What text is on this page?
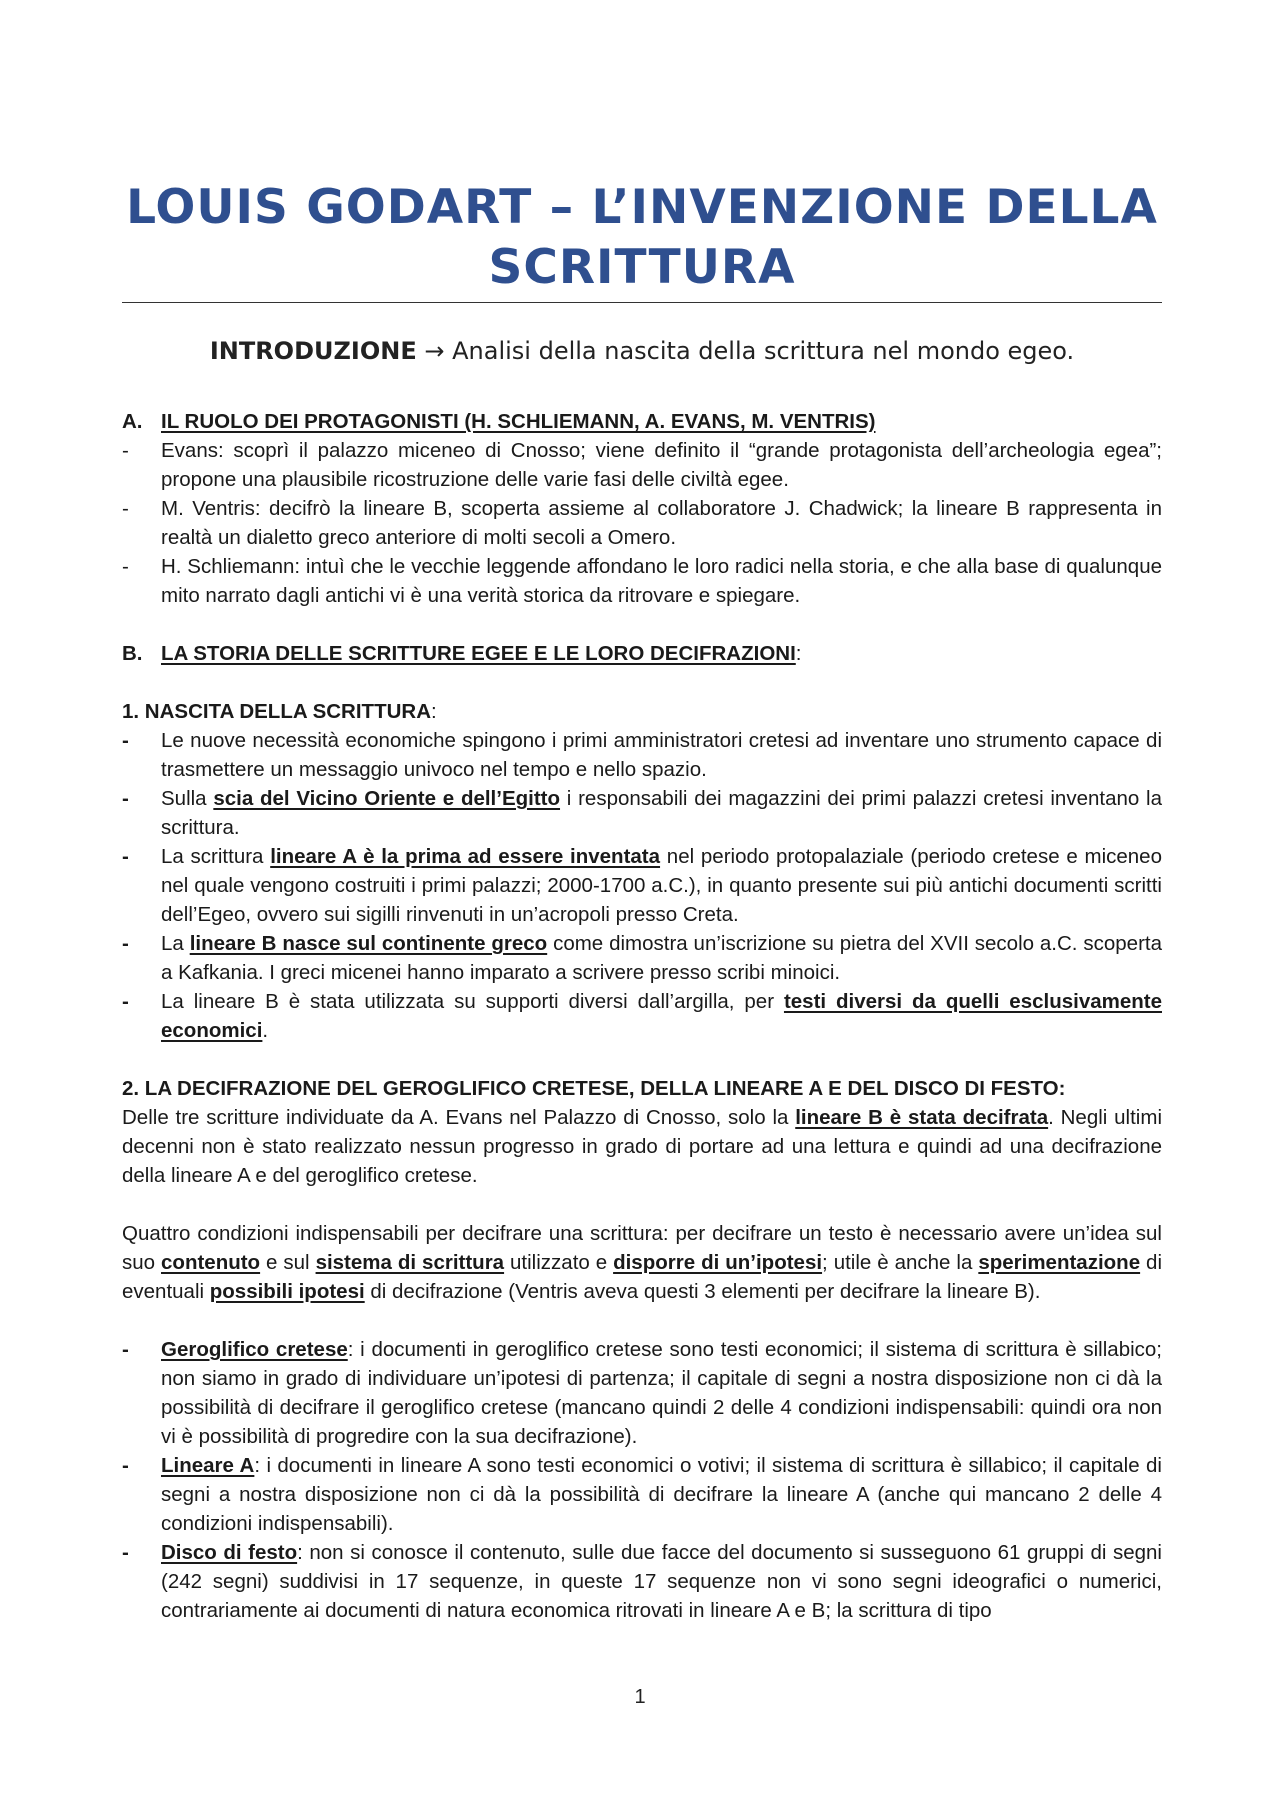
LOUIS GODART – L’INVENZIONE DELLA
SCRITTURA
INTRODUZIONE → Analisi della nascita della scrittura nel mondo egeo.
A. IL RUOLO DEI PROTAGONISTI (H. SCHLIEMANN, A. EVANS, M. VENTRIS)
- Evans: scoprì il palazzo miceneo di Cnosso; viene definito il “grande protagonista dell’archeologia egea”; propone una plausibile ricostruzione delle varie fasi delle civiltà egee.
- M. Ventris: decifrò la lineare B, scoperta assieme al collaboratore J. Chadwick; la lineare B rappresenta in realtà un dialetto greco anteriore di molti secoli a Omero.
- H. Schliemann: intuì che le vecchie leggende affondano le loro radici nella storia, e che alla base di qualunque mito narrato dagli antichi vi è una verità storica da ritrovare e spiegare.
B. LA STORIA DELLE SCRITTURE EGEE E LE LORO DECIFRAZIONI:
1. NASCITA DELLA SCRITTURA:
- Le nuove necessità economiche spingono i primi amministratori cretesi ad inventare uno strumento capace di trasmettere un messaggio univoco nel tempo e nello spazio.
- Sulla scia del Vicino Oriente e dell’Egitto i responsabili dei magazzini dei primi palazzi cretesi inventano la scrittura.
- La scrittura lineare A è la prima ad essere inventata nel periodo protopalaziale (periodo cretese e miceneo nel quale vengono costruiti i primi palazzi; 2000-1700 a.C.), in quanto presente sui più antichi documenti scritti dell’Egeo, ovvero sui sigilli rinvenuti in un’acropoli presso Creta.
- La lineare B nasce sul continente greco come dimostra un’iscrizione su pietra del XVII secolo a.C. scoperta a Kafkania. I greci micenei hanno imparato a scrivere presso scribi minoici.
- La lineare B è stata utilizzata su supporti diversi dall’argilla, per testi diversi da quelli esclusivamente economici.
2. LA DECIFRAZIONE DEL GEROGLIFICO CRETESE, DELLA LINEARE A E DEL DISCO DI FESTO:

Delle tre scritture individuate da A. Evans nel Palazzo di Cnosso, solo la lineare B è stata decifrata. Negli ultimi decenni non è stato realizzato nessun progresso in grado di portare ad una lettura e quindi ad una decifrazione della lineare A e del geroglifico cretese.

Quattro condizioni indispensabili per decifrare una scrittura: per decifrare un testo è necessario avere un’idea sul suo contenuto e sul sistema di scrittura utilizzato e disporre di un’ipotesi; utile è anche la sperimentazione di eventuali possibili ipotesi di decifrazione (Ventris aveva questi 3 elementi per decifrare la lineare B).

- Geroglifico cretese: i documenti in geroglifico cretese sono testi economici; il sistema di scrittura è sillabico; non siamo in grado di individuare un’ipotesi di partenza; il capitale di segni a nostra disposizione non ci dà la possibilità di decifrare il geroglifico cretese (mancano quindi 2 delle 4 condizioni indispensabili: quindi ora non vi è possibilità di progredire con la sua decifrazione).
- Lineare A: i documenti in lineare A sono testi economici o votivi; il sistema di scrittura è sillabico; il capitale di segni a nostra disposizione non ci dà la possibilità di decifrare la lineare A (anche qui mancano 2 delle 4 condizioni indispensabili).
- Disco di festo: non si conosce il contenuto, sulle due facce del documento si susseguono 61 gruppi di segni (242 segni) suddivisi in 17 sequenze, in queste 17 sequenze non vi sono segni ideografici o numerici, contrariamente ai documenti di natura economica ritrovati in lineare A e B; la scrittura di tipo
1
